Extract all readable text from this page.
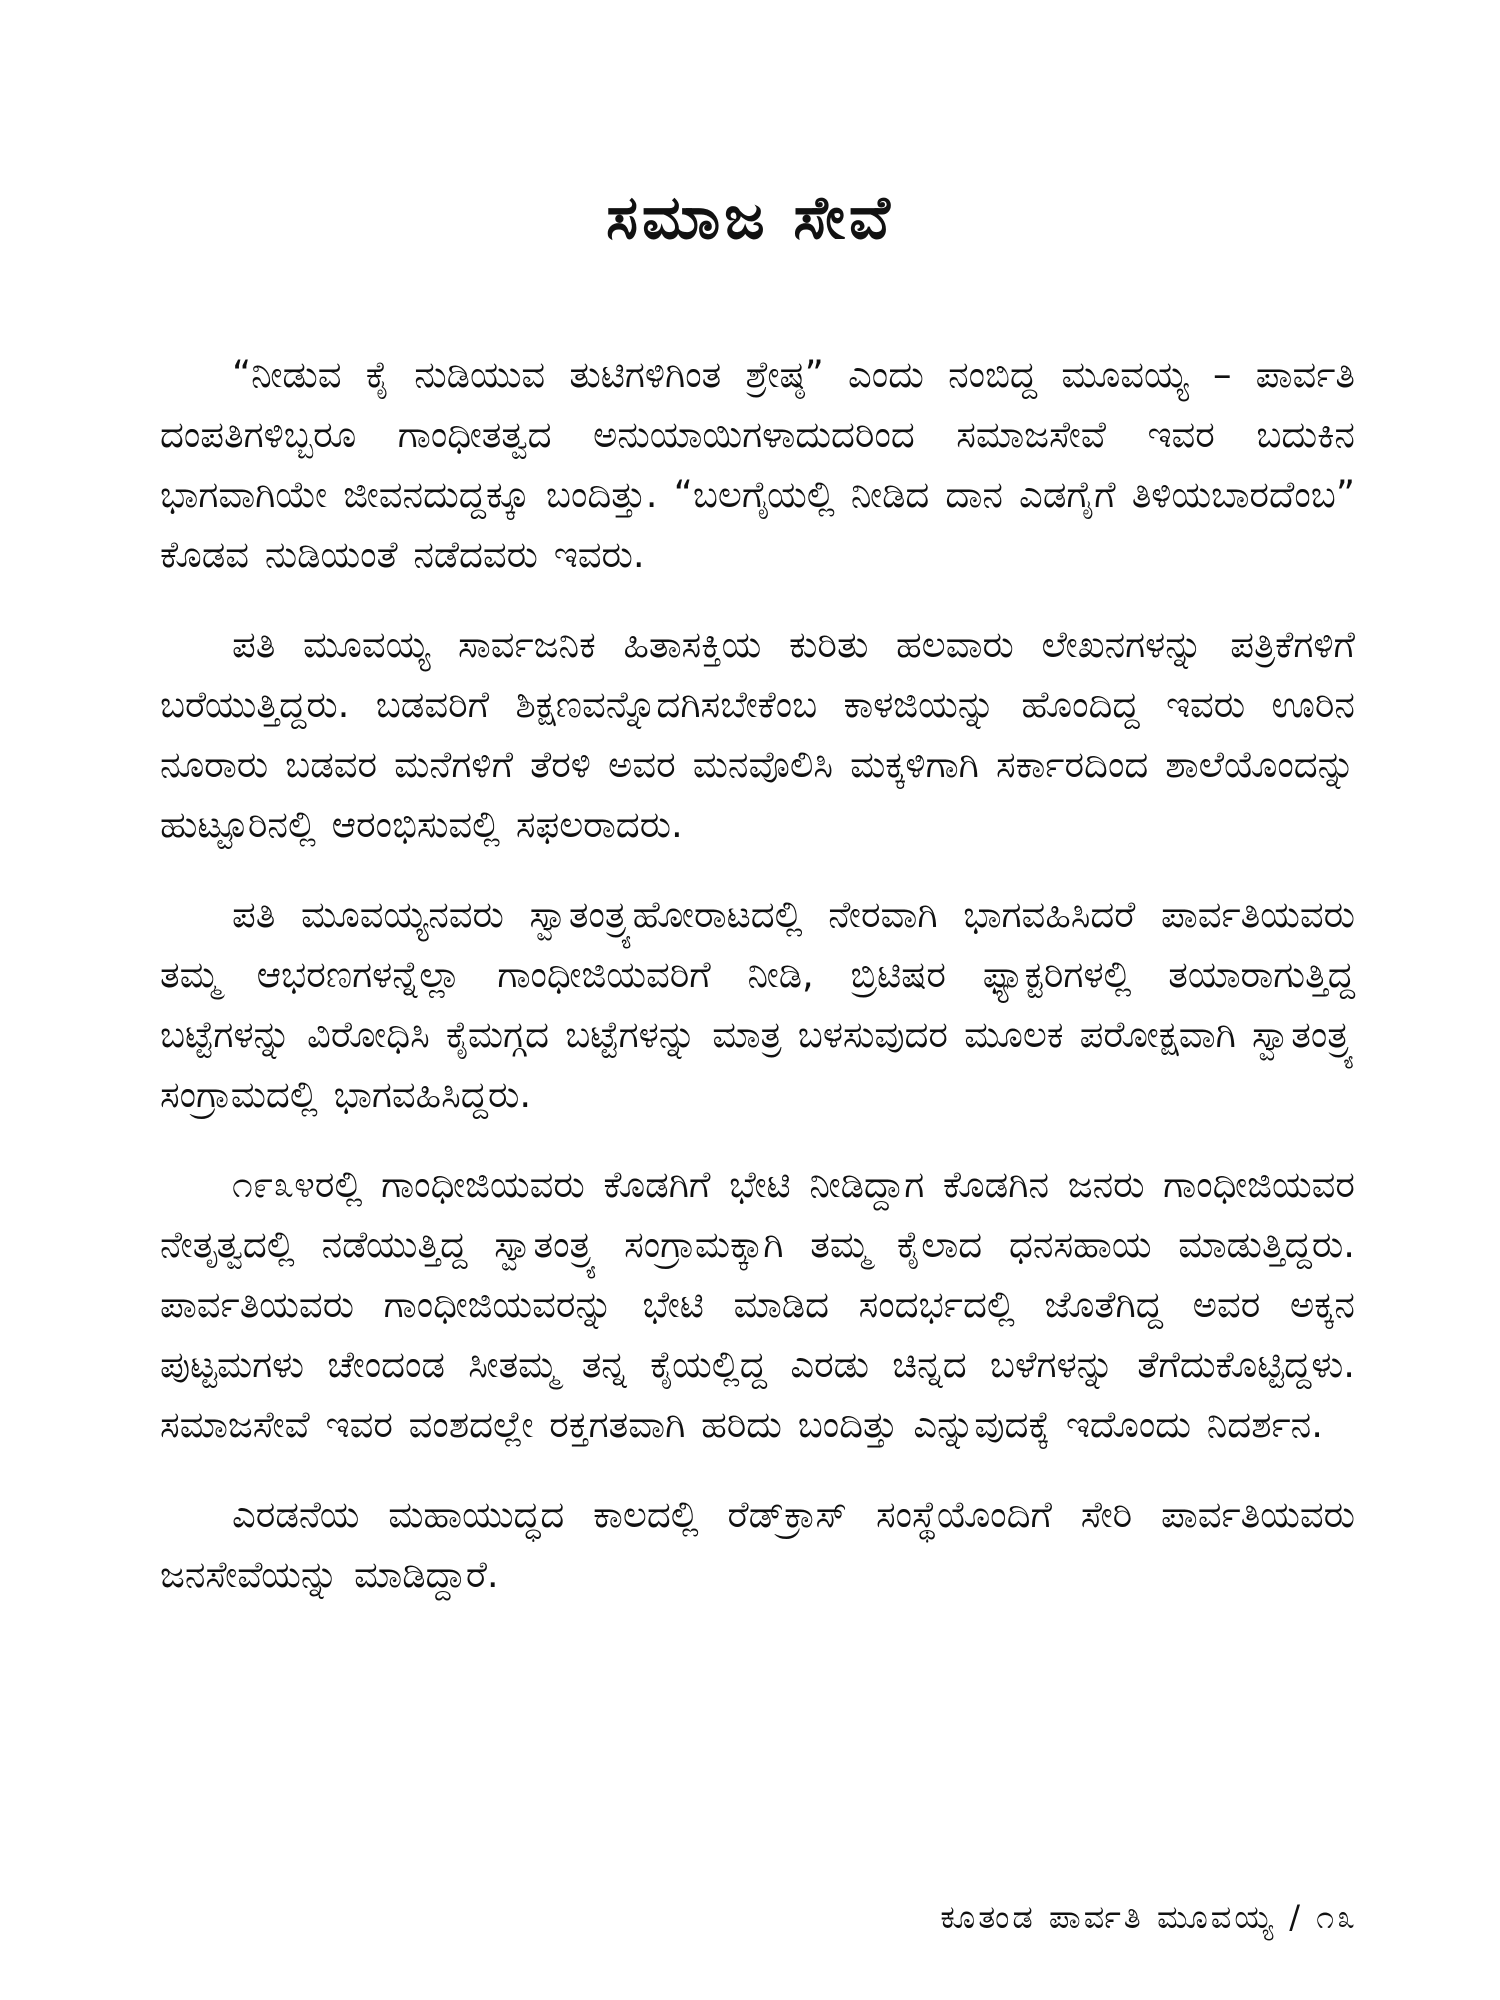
ಸಮಾಜ ಸೇವೆ

“ನೀಡುವ ಕೈ ನುಡಿಯುವ ತುಟಿಗಳಿಗಿಂತ ಶ್ರೇಷ್ಠ” ಎಂದು ನಂಬಿದ್ದ ಮೂವಯ್ಯ – ಪಾರ್ವತಿ ದಂಪತಿಗಳಿಬ್ಬರೂ ಗಾಂಧೀತತ್ವದ ಅನುಯಾಯಿಗಳಾದುದರಿಂದ ಸಮಾಜಸೇವೆ ಇವರ ಬದುಕಿನ ಭಾಗವಾಗಿಯೇ ಜೀವನದುದ್ದಕ್ಕೂ ಬಂದಿತ್ತು. “ಬಲಗೈಯಲ್ಲಿ ನೀಡಿದ ದಾನ ಎಡಗೈಗೆ ತಿಳಿಯಬಾರದೆಂಬ” ಕೊಡವ ನುಡಿಯಂತೆ ನಡೆದವರು ಇವರು.

ಪತಿ ಮೂವಯ್ಯ ಸಾರ್ವಜನಿಕ ಹಿತಾಸಕ್ತಿಯ ಕುರಿತು ಹಲವಾರು ಲೇಖನಗಳನ್ನು ಪತ್ರಿಕೆಗಳಿಗೆ ಬರೆಯುತ್ತಿದ್ದರು. ಬಡವರಿಗೆ ಶಿಕ್ಷಣವನ್ನೊದಗಿಸಬೇಕೆಂಬ ಕಾಳಜಿಯನ್ನು ಹೊಂದಿದ್ದ ಇವರು ಊರಿನ ನೂರಾರು ಬಡವರ ಮನೆಗಳಿಗೆ ತೆರಳಿ ಅವರ ಮನವೊಲಿಸಿ ಮಕ್ಕಳಿಗಾಗಿ ಸರ್ಕಾರದಿಂದ ಶಾಲೆಯೊಂದನ್ನು ಹುಟ್ಟೂರಿನಲ್ಲಿ ಆರಂಭಿಸುವಲ್ಲಿ ಸಫಲರಾದರು.

ಪತಿ ಮೂವಯ್ಯನವರು ಸ್ವಾತಂತ್ರ್ಯಹೋರಾಟದಲ್ಲಿ ನೇರವಾಗಿ ಭಾಗವಹಿಸಿದರೆ ಪಾರ್ವತಿಯವರು ತಮ್ಮ ಆಭರಣಗಳನ್ನೆಲ್ಲಾ ಗಾಂಧೀಜಿಯವರಿಗೆ ನೀಡಿ, ಬ್ರಿಟಿಷರ ಫ್ಯಾಕ್ಟರಿಗಳಲ್ಲಿ ತಯಾರಾಗುತ್ತಿದ್ದ ಬಟ್ಟೆಗಳನ್ನು ವಿರೋಧಿಸಿ ಕೈಮಗ್ಗದ ಬಟ್ಟೆಗಳನ್ನು ಮಾತ್ರ ಬಳಸುವುದರ ಮೂಲಕ ಪರೋಕ್ಷವಾಗಿ ಸ್ವಾತಂತ್ರ್ಯ ಸಂಗ್ರಾಮದಲ್ಲಿ ಭಾಗವಹಿಸಿದ್ದರು.

೧೯೩೪ರಲ್ಲಿ ಗಾಂಧೀಜಿಯವರು ಕೊಡಗಿಗೆ ಭೇಟಿ ನೀಡಿದ್ದಾಗ ಕೊಡಗಿನ ಜನರು ಗಾಂಧೀಜಿಯವರ ನೇತೃತ್ವದಲ್ಲಿ ನಡೆಯುತ್ತಿದ್ದ ಸ್ವಾತಂತ್ರ್ಯ ಸಂಗ್ರಾಮಕ್ಕಾಗಿ ತಮ್ಮ ಕೈಲಾದ ಧನಸಹಾಯ ಮಾಡುತ್ತಿದ್ದರು. ಪಾರ್ವತಿಯವರು ಗಾಂಧೀಜಿಯವರನ್ನು ಭೇಟಿ ಮಾಡಿದ ಸಂದರ್ಭದಲ್ಲಿ ಜೊತೆಗಿದ್ದ ಅವರ ಅಕ್ಕನ ಪುಟ್ಟಮಗಳು ಚೇಂದಂಡ ಸೀತಮ್ಮ ತನ್ನ ಕೈಯಲ್ಲಿದ್ದ ಎರಡು ಚಿನ್ನದ ಬಳೆಗಳನ್ನು ತೆಗೆದುಕೊಟ್ಟಿದ್ದಳು. ಸಮಾಜಸೇವೆ ಇವರ ವಂಶದಲ್ಲೇ ರಕ್ತಗತವಾಗಿ ಹರಿದು ಬಂದಿತ್ತು ಎನ್ನುವುದಕ್ಕೆ ಇದೊಂದು ನಿದರ್ಶನ.

ಎರಡನೆಯ ಮಹಾಯುದ್ಧದ ಕಾಲದಲ್ಲಿ ರೆಡ್‌ಕ್ರಾಸ್ ಸಂಸ್ಥೆಯೊಂದಿಗೆ ಸೇರಿ ಪಾರ್ವತಿಯವರು ಜನಸೇವೆಯನ್ನು ಮಾಡಿದ್ದಾರೆ.

ಕೂತಂಡ ಪಾರ್ವತಿ ಮೂವಯ್ಯ / ೧೩
